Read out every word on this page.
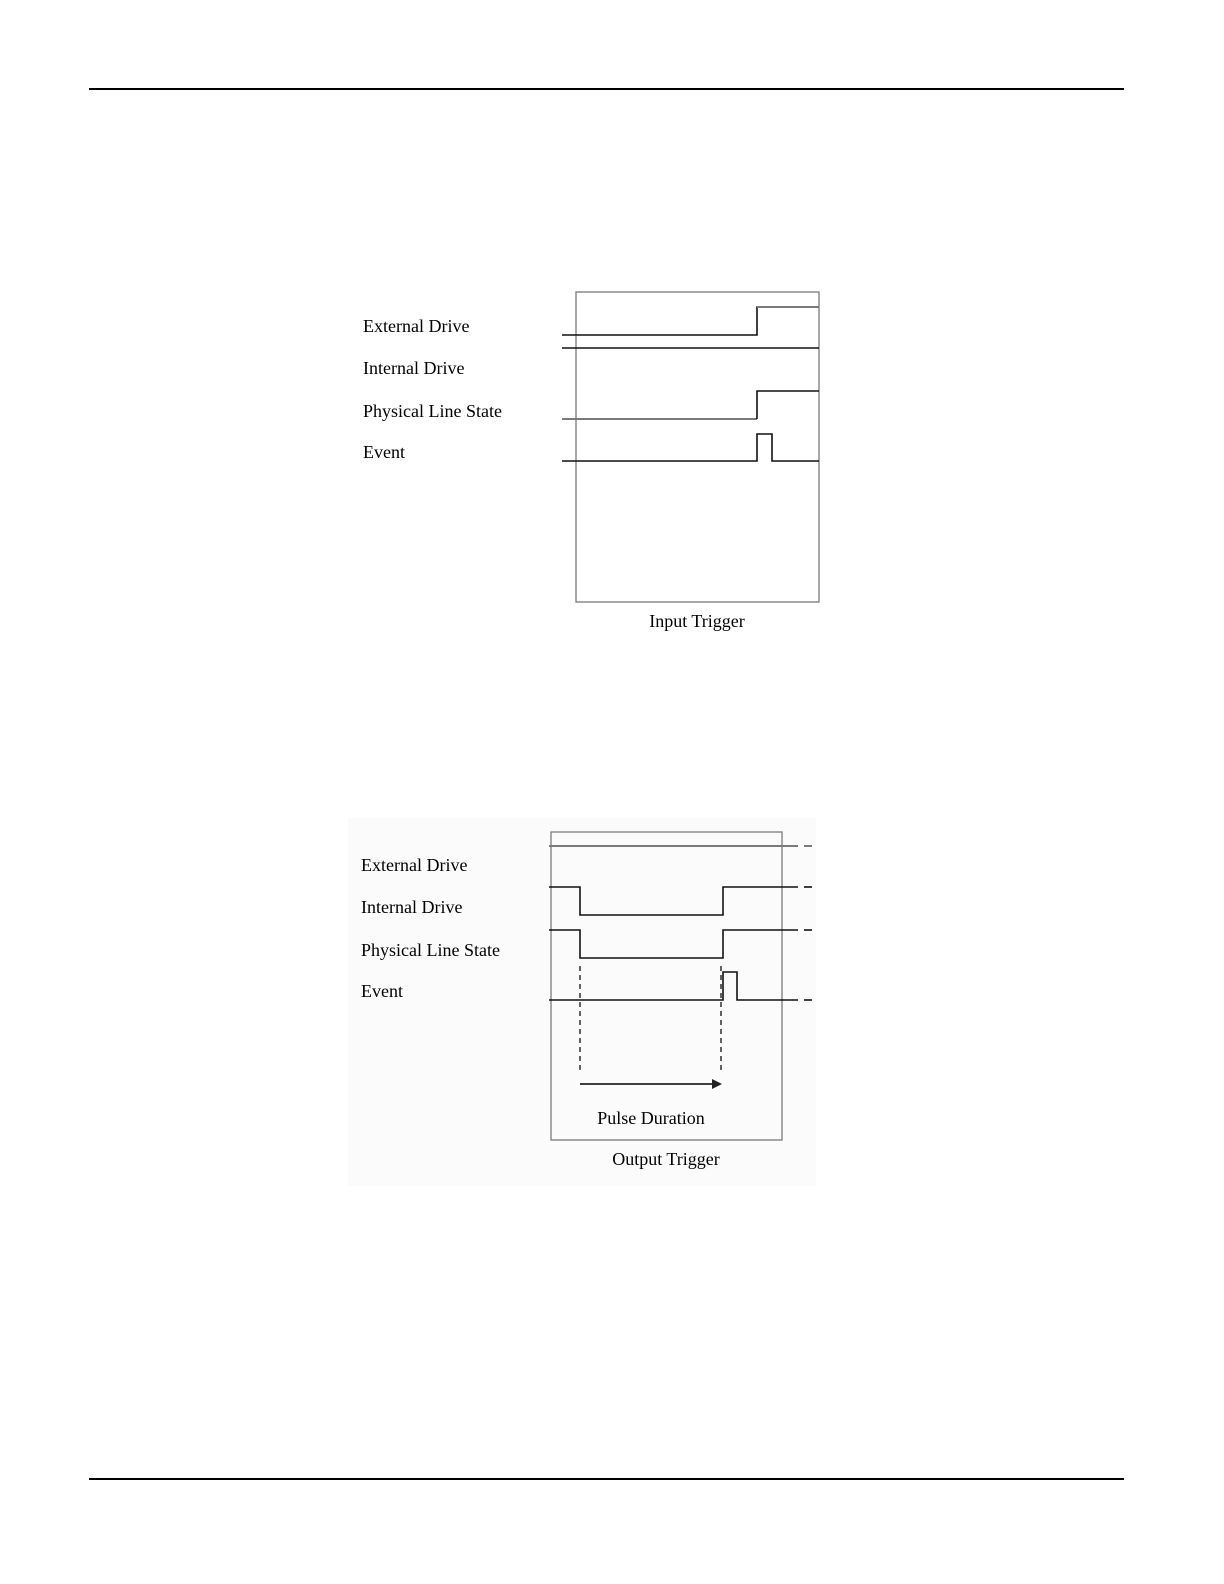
External Drive
Internal Drive
Physical Line State
Event
Input Trigger
External Drive
Internal Drive
Physical Line State
Event
Pulse Duration
Output Trigger
